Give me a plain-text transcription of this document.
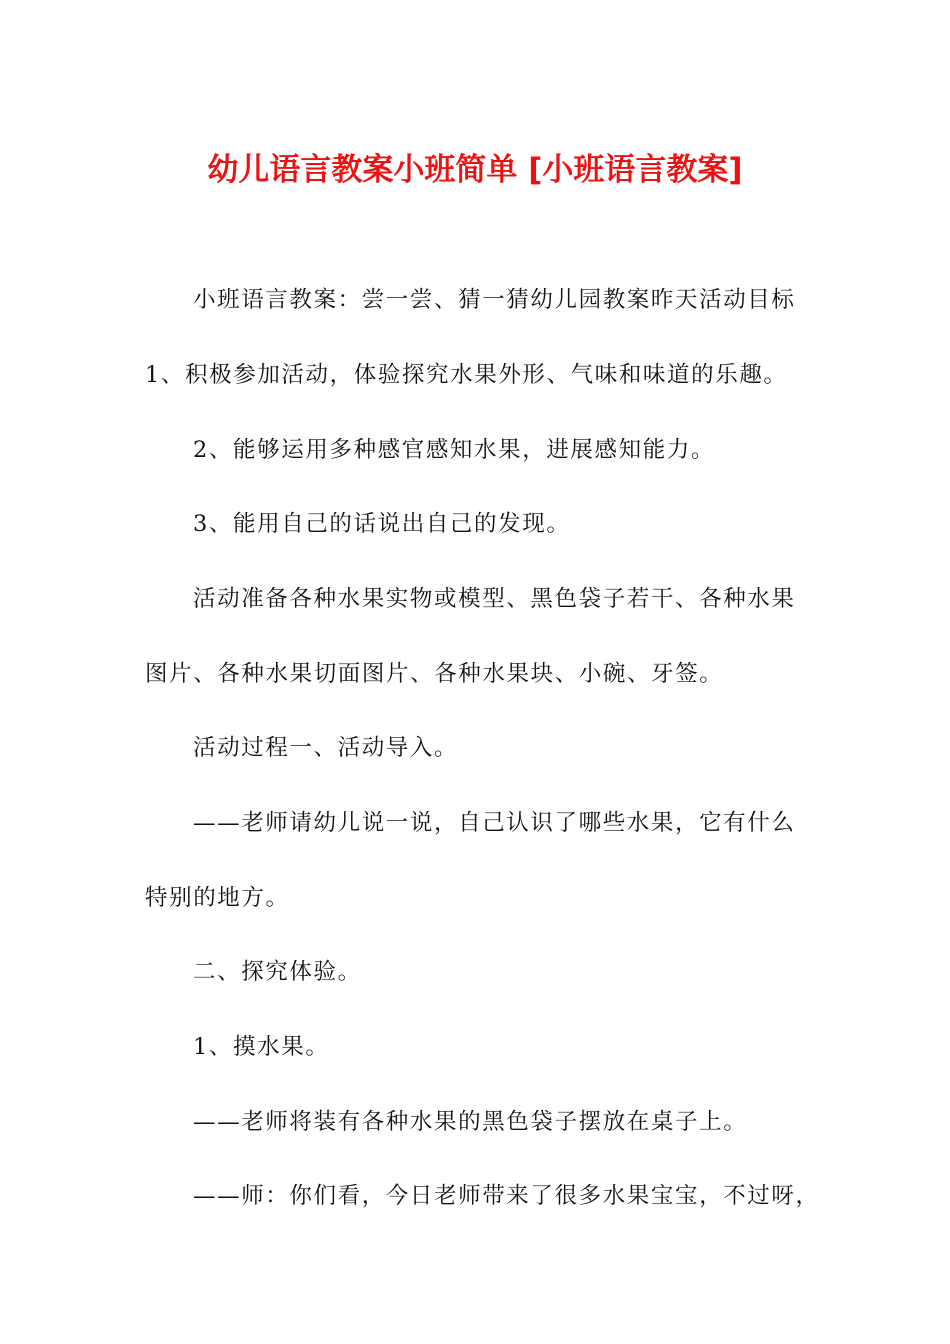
幼儿语言教案小班简单 [小班语言教案]

小班语言教案：尝一尝、猜一猜幼儿园教案昨天活动目标

1、积极参加活动，体验探究水果外形、气味和味道的乐趣。

2、能够运用多种感官感知水果，进展感知能力。

3、能用自己的话说出自己的发现。

活动准备各种水果实物或模型、黑色袋子若干、各种水果

图片、各种水果切面图片、各种水果块、小碗、牙签。

活动过程一、活动导入。

——老师请幼儿说一说，自己认识了哪些水果，它有什么

特别的地方。

二、探究体验。

1、摸水果。

——老师将装有各种水果的黑色袋子摆放在桌子上。

——师：你们看，今日老师带来了很多水果宝宝，不过呀，
